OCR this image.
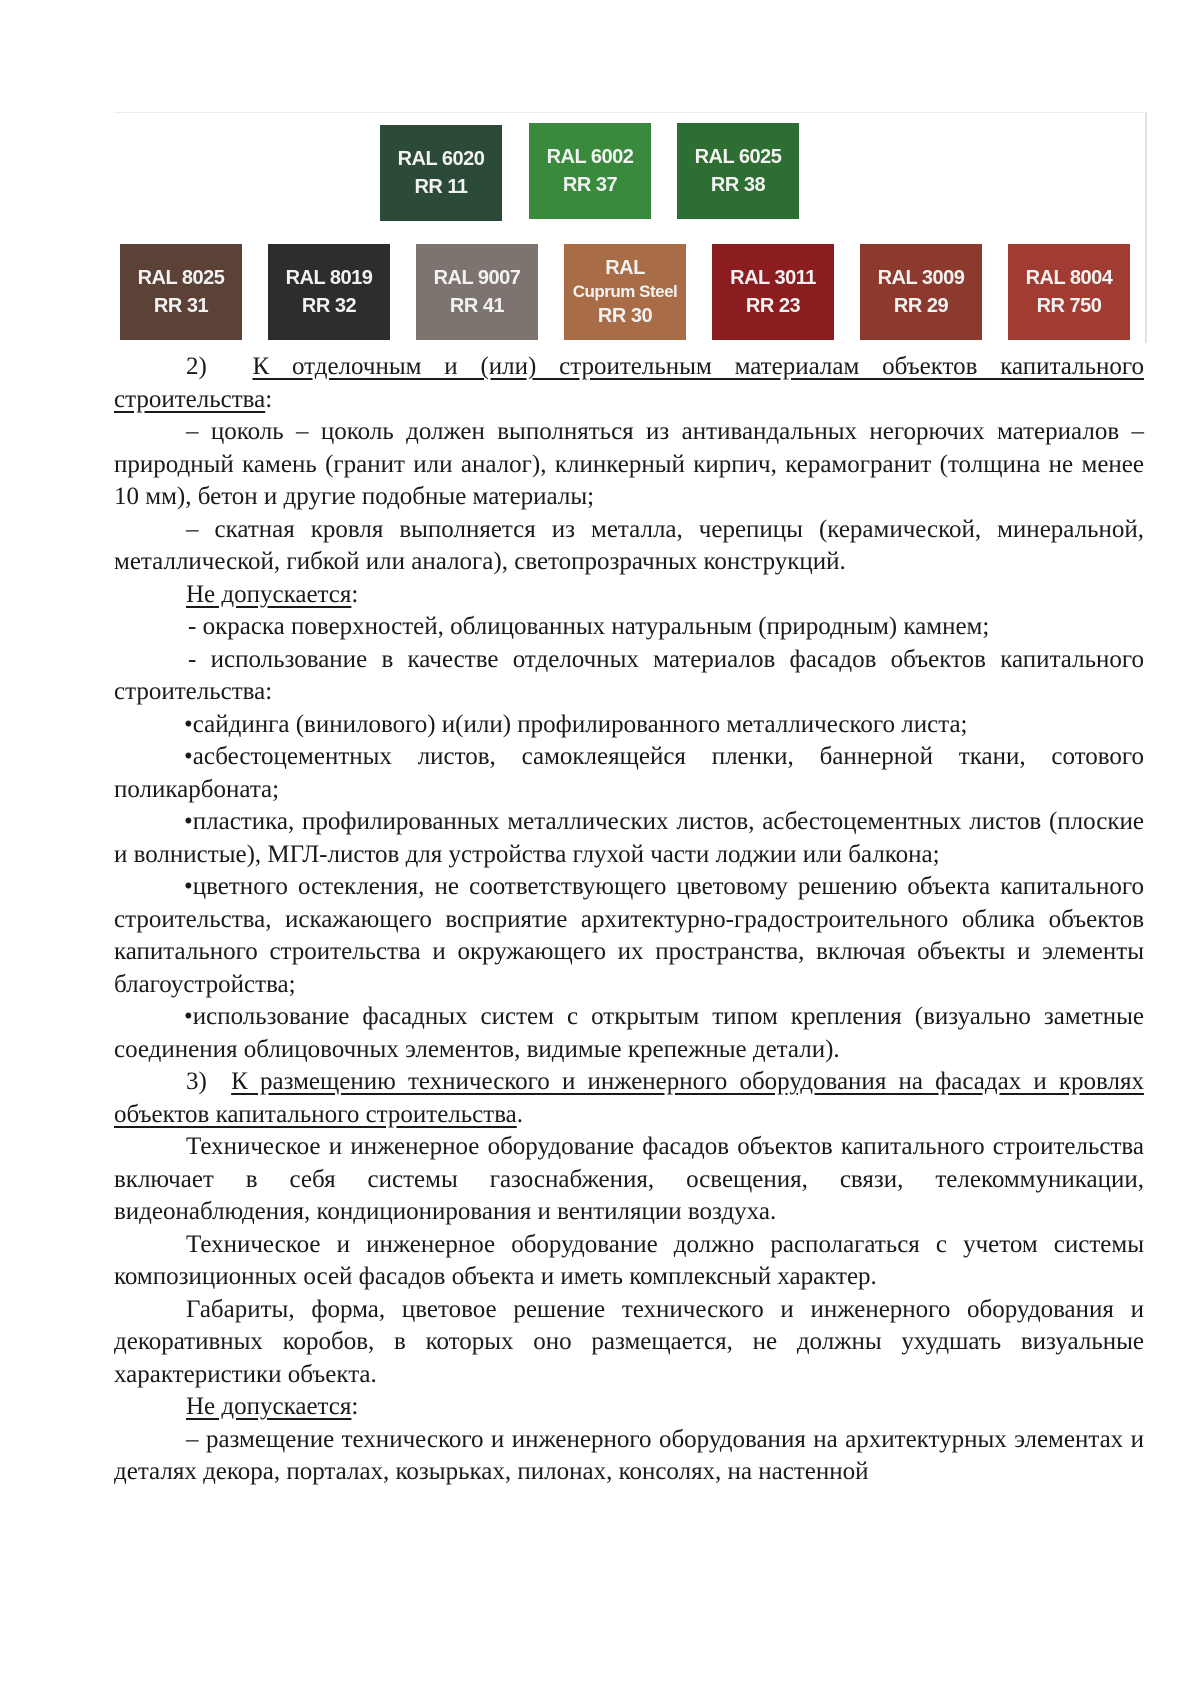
RAL 6020
RR 11
RAL 6002
RR 37
RAL 6025
RR 38
RAL 8025
RR 31
RAL 8019
RR 32
RAL 9007
RR 41
RAL
Cuprum Steel
RR 30
RAL 3011
RR 23
RAL 3009
RR 29
RAL 8004
RR 750

2) К отделочным и (или) строительным материалам объектов капитального строительства:

– цоколь – цоколь должен выполняться из антивандальных негорючих материалов – природный камень (гранит или аналог), клинкерный кирпич, керамогранит (толщина не менее 10 мм), бетон и другие подобные материалы;

– скатная кровля выполняется из металла, черепицы (керамической, минеральной, металлической, гибкой или аналога), светопрозрачных конструкций.

Не допускается:

- окраска поверхностей, облицованных натуральным (природным) камнем;

- использование в качестве отделочных материалов фасадов объектов капитального строительства:

•сайдинга (винилового) и(или) профилированного металлического листа;

•асбестоцементных листов, самоклеящейся пленки, баннерной ткани, сотового поликарбоната;

•пластика, профилированных металлических листов, асбестоцементных листов (плоские и волнистые), МГЛ-листов для устройства глухой части лоджии или балкона;

•цветного остекления, не соответствующего цветовому решению объекта капитального строительства, искажающего восприятие архитектурно-градостроительного облика объектов капитального строительства и окружающего их пространства, включая объекты и элементы благоустройства;

•использование фасадных систем с открытым типом крепления (визуально заметные соединения облицовочных элементов, видимые крепежные детали).

3) К размещению технического и инженерного оборудования на фасадах и кровлях объектов капитального строительства.

Техническое и инженерное оборудование фасадов объектов капитального строительства включает в себя системы газоснабжения, освещения, связи, телекоммуникации, видеонаблюдения, кондиционирования и вентиляции воздуха.

Техническое и инженерное оборудование должно располагаться с учетом системы композиционных осей фасадов объекта и иметь комплексный характер.

Габариты, форма, цветовое решение технического и инженерного оборудования и декоративных коробов, в которых оно размещается, не должны ухудшать визуальные характеристики объекта.

Не допускается:

– размещение технического и инженерного оборудования на архитектурных элементах и деталях декора, порталах, козырьках, пилонах, консолях, на настенной
